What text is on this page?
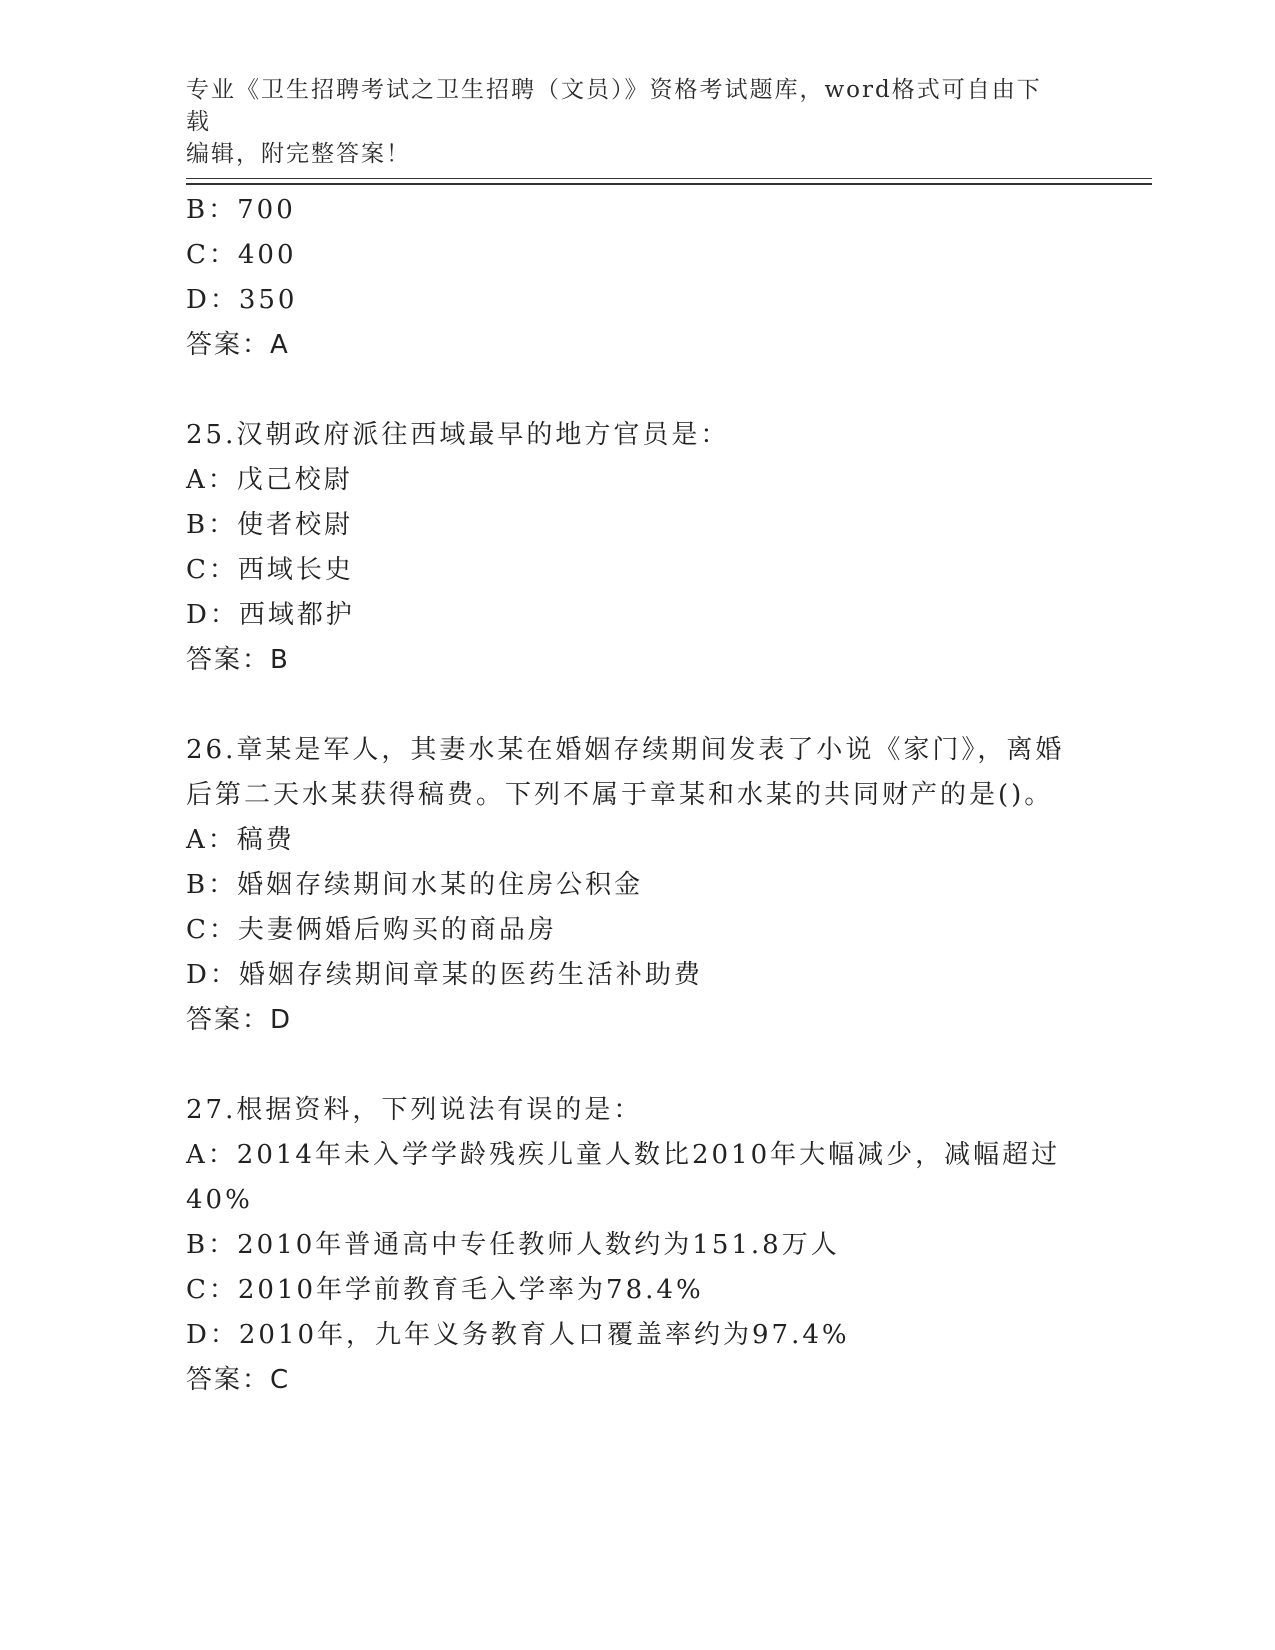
专业《卫生招聘考试之卫生招聘（文员）》资格考试题库，word格式可自由下载
编辑，附完整答案！
B：700
C：400
D：350
答案：A
25.汉朝政府派往西域最早的地方官员是：
A：戊己校尉
B：使者校尉
C：西域长史
D：西域都护
答案：B
26.章某是军人，其妻水某在婚姻存续期间发表了小说《家门》，离婚
后第二天水某获得稿费。下列不属于章某和水某的共同财产的是()。
A：稿费
B：婚姻存续期间水某的住房公积金
C：夫妻俩婚后购买的商品房
D：婚姻存续期间章某的医药生活补助费
答案：D
27.根据资料，下列说法有误的是：
A：2014年未入学学龄残疾儿童人数比2010年大幅减少，减幅超过
40%
B：2010年普通高中专任教师人数约为151.8万人
C：2010年学前教育毛入学率为78.4%
D：2010年，九年义务教育人口覆盖率约为97.4%
答案：C
